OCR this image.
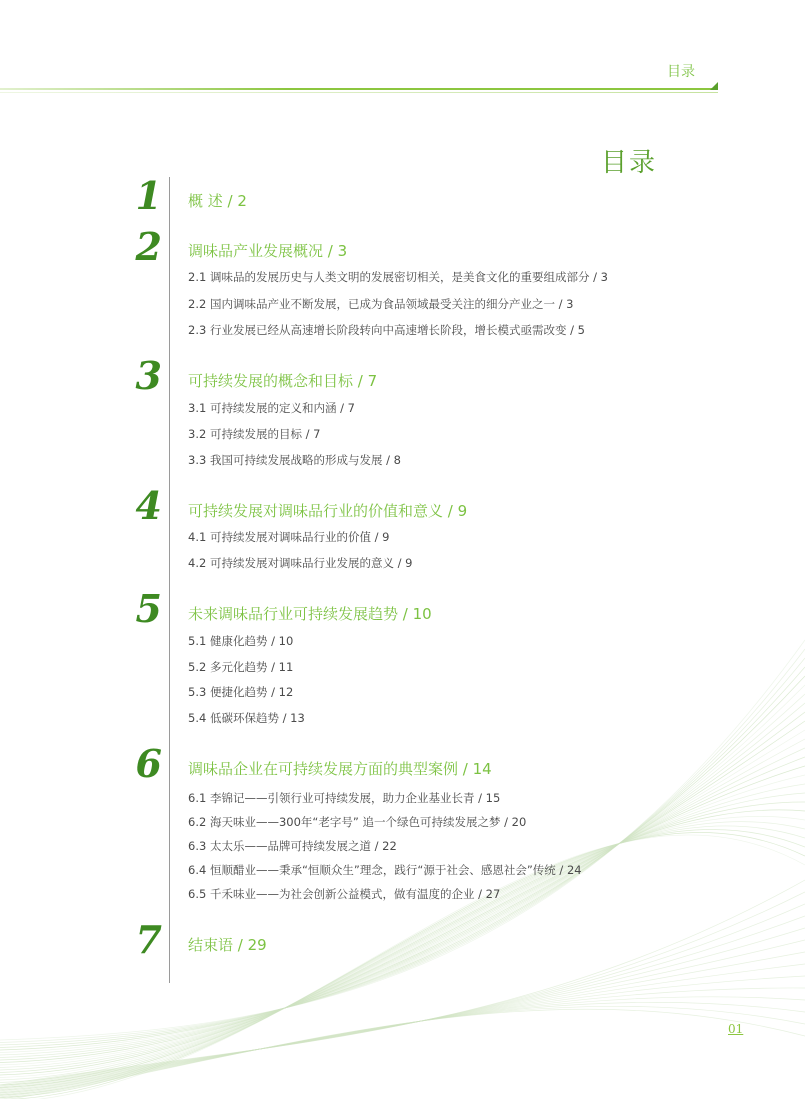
目录
目录
1 概 述 / 2
2 调味品产业发展概况 / 3
2.1 调味品的发展历史与人类文明的发展密切相关，是美食文化的重要组成部分 / 3
2.2 国内调味品产业不断发展，已成为食品领域最受关注的细分产业之一 / 3
2.3 行业发展已经从高速增长阶段转向中高速增长阶段，增长模式亟需改变 / 5
3 可持续发展的概念和目标 / 7
3.1 可持续发展的定义和内涵 / 7
3.2 可持续发展的目标 / 7
3.3 我国可持续发展战略的形成与发展 / 8
4 可持续发展对调味品行业的价值和意义 / 9
4.1 可持续发展对调味品行业的价值 / 9
4.2 可持续发展对调味品行业发展的意义 / 9
5 未来调味品行业可持续发展趋势 / 10
5.1 健康化趋势 / 10
5.2 多元化趋势 / 11
5.3 便捷化趋势 / 12
5.4 低碳环保趋势 / 13
6 调味品企业在可持续发展方面的典型案例 / 14
6.1 李锦记——引领行业可持续发展，助力企业基业长青 / 15
6.2 海天味业——300年“老字号” 追一个绿色可持续发展之梦 / 20
6.3 太太乐——品牌可持续发展之道 / 22
6.4 恒顺醋业——秉承“恒顺众生”理念，践行“源于社会、感恩社会”传统 / 24
6.5 千禾味业——为社会创新公益模式，做有温度的企业 / 27
7 结束语 / 29
01
